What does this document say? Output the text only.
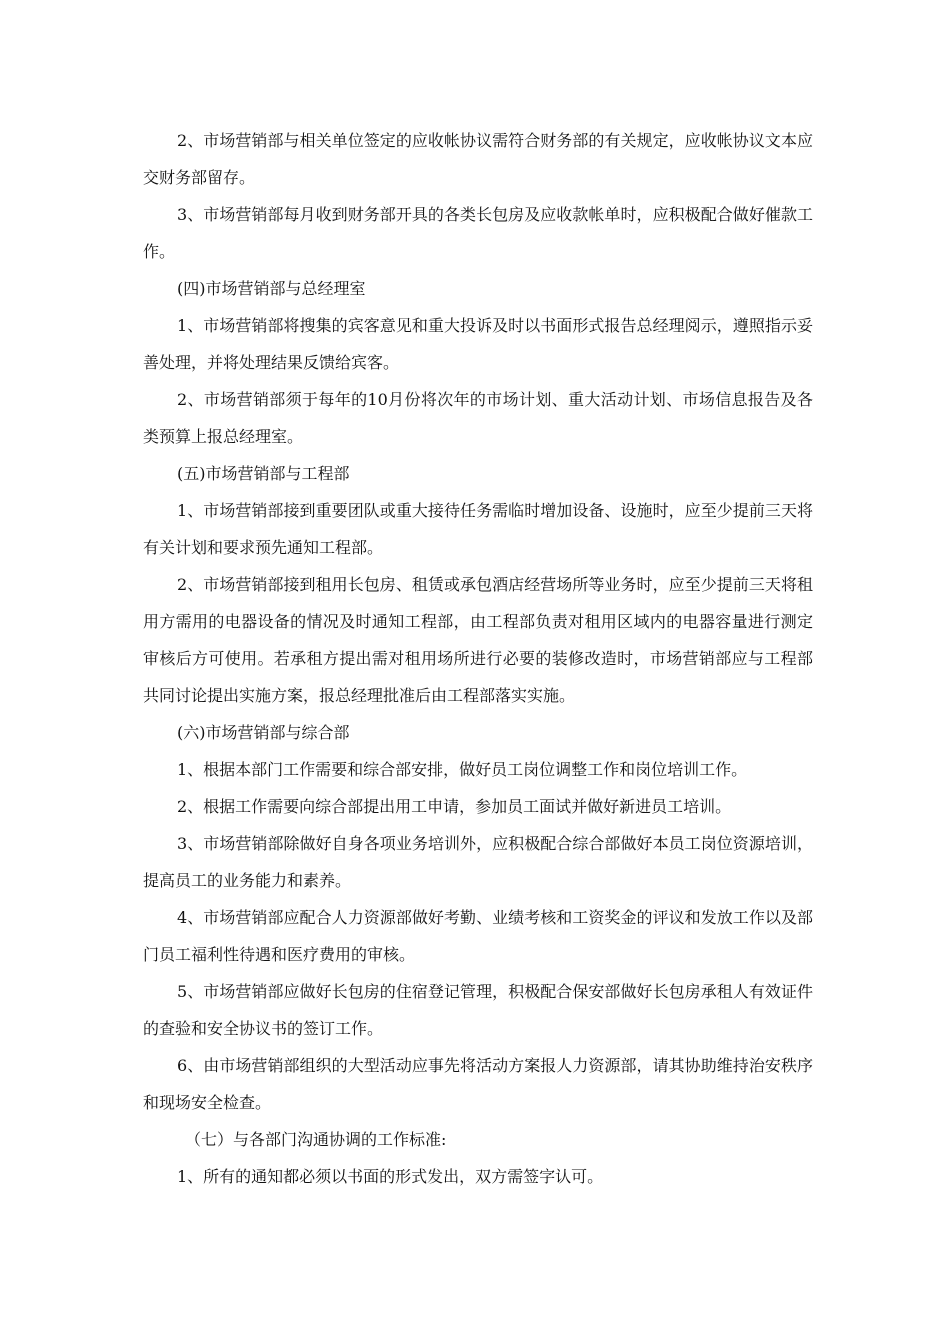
2、市场营销部与相关单位签定的应收帐协议需符合财务部的有关规定，应收帐协议文本应交财务部留存。

3、市场营销部每月收到财务部开具的各类长包房及应收款帐单时，应积极配合做好催款工作。

(四)市场营销部与总经理室

1、市场营销部将搜集的宾客意见和重大投诉及时以书面形式报告总经理阅示，遵照指示妥善处理，并将处理结果反馈给宾客。

2、市场营销部须于每年的10月份将次年的市场计划、重大活动计划、市场信息报告及各类预算上报总经理室。

(五)市场营销部与工程部

1、市场营销部接到重要团队或重大接待任务需临时增加设备、设施时，应至少提前三天将有关计划和要求预先通知工程部。

2、市场营销部接到租用长包房、租赁或承包酒店经营场所等业务时，应至少提前三天将租用方需用的电器设备的情况及时通知工程部，由工程部负责对租用区域内的电器容量进行测定审核后方可使用。若承租方提出需对租用场所进行必要的装修改造时，市场营销部应与工程部共同讨论提出实施方案，报总经理批准后由工程部落实实施。

(六)市场营销部与综合部

1、根据本部门工作需要和综合部安排，做好员工岗位调整工作和岗位培训工作。

2、根据工作需要向综合部提出用工申请，参加员工面试并做好新进员工培训。

3、市场营销部除做好自身各项业务培训外，应积极配合综合部做好本员工岗位资源培训，提高员工的业务能力和素养。

4、市场营销部应配合人力资源部做好考勤、业绩考核和工资奖金的评议和发放工作以及部门员工福利性待遇和医疗费用的审核。

5、市场营销部应做好长包房的住宿登记管理，积极配合保安部做好长包房承租人有效证件的查验和安全协议书的签订工作。

6、由市场营销部组织的大型活动应事先将活动方案报人力资源部，请其协助维持治安秩序和现场安全检查。

（七）与各部门沟通协调的工作标准:

1、所有的通知都必须以书面的形式发出，双方需签字认可。
